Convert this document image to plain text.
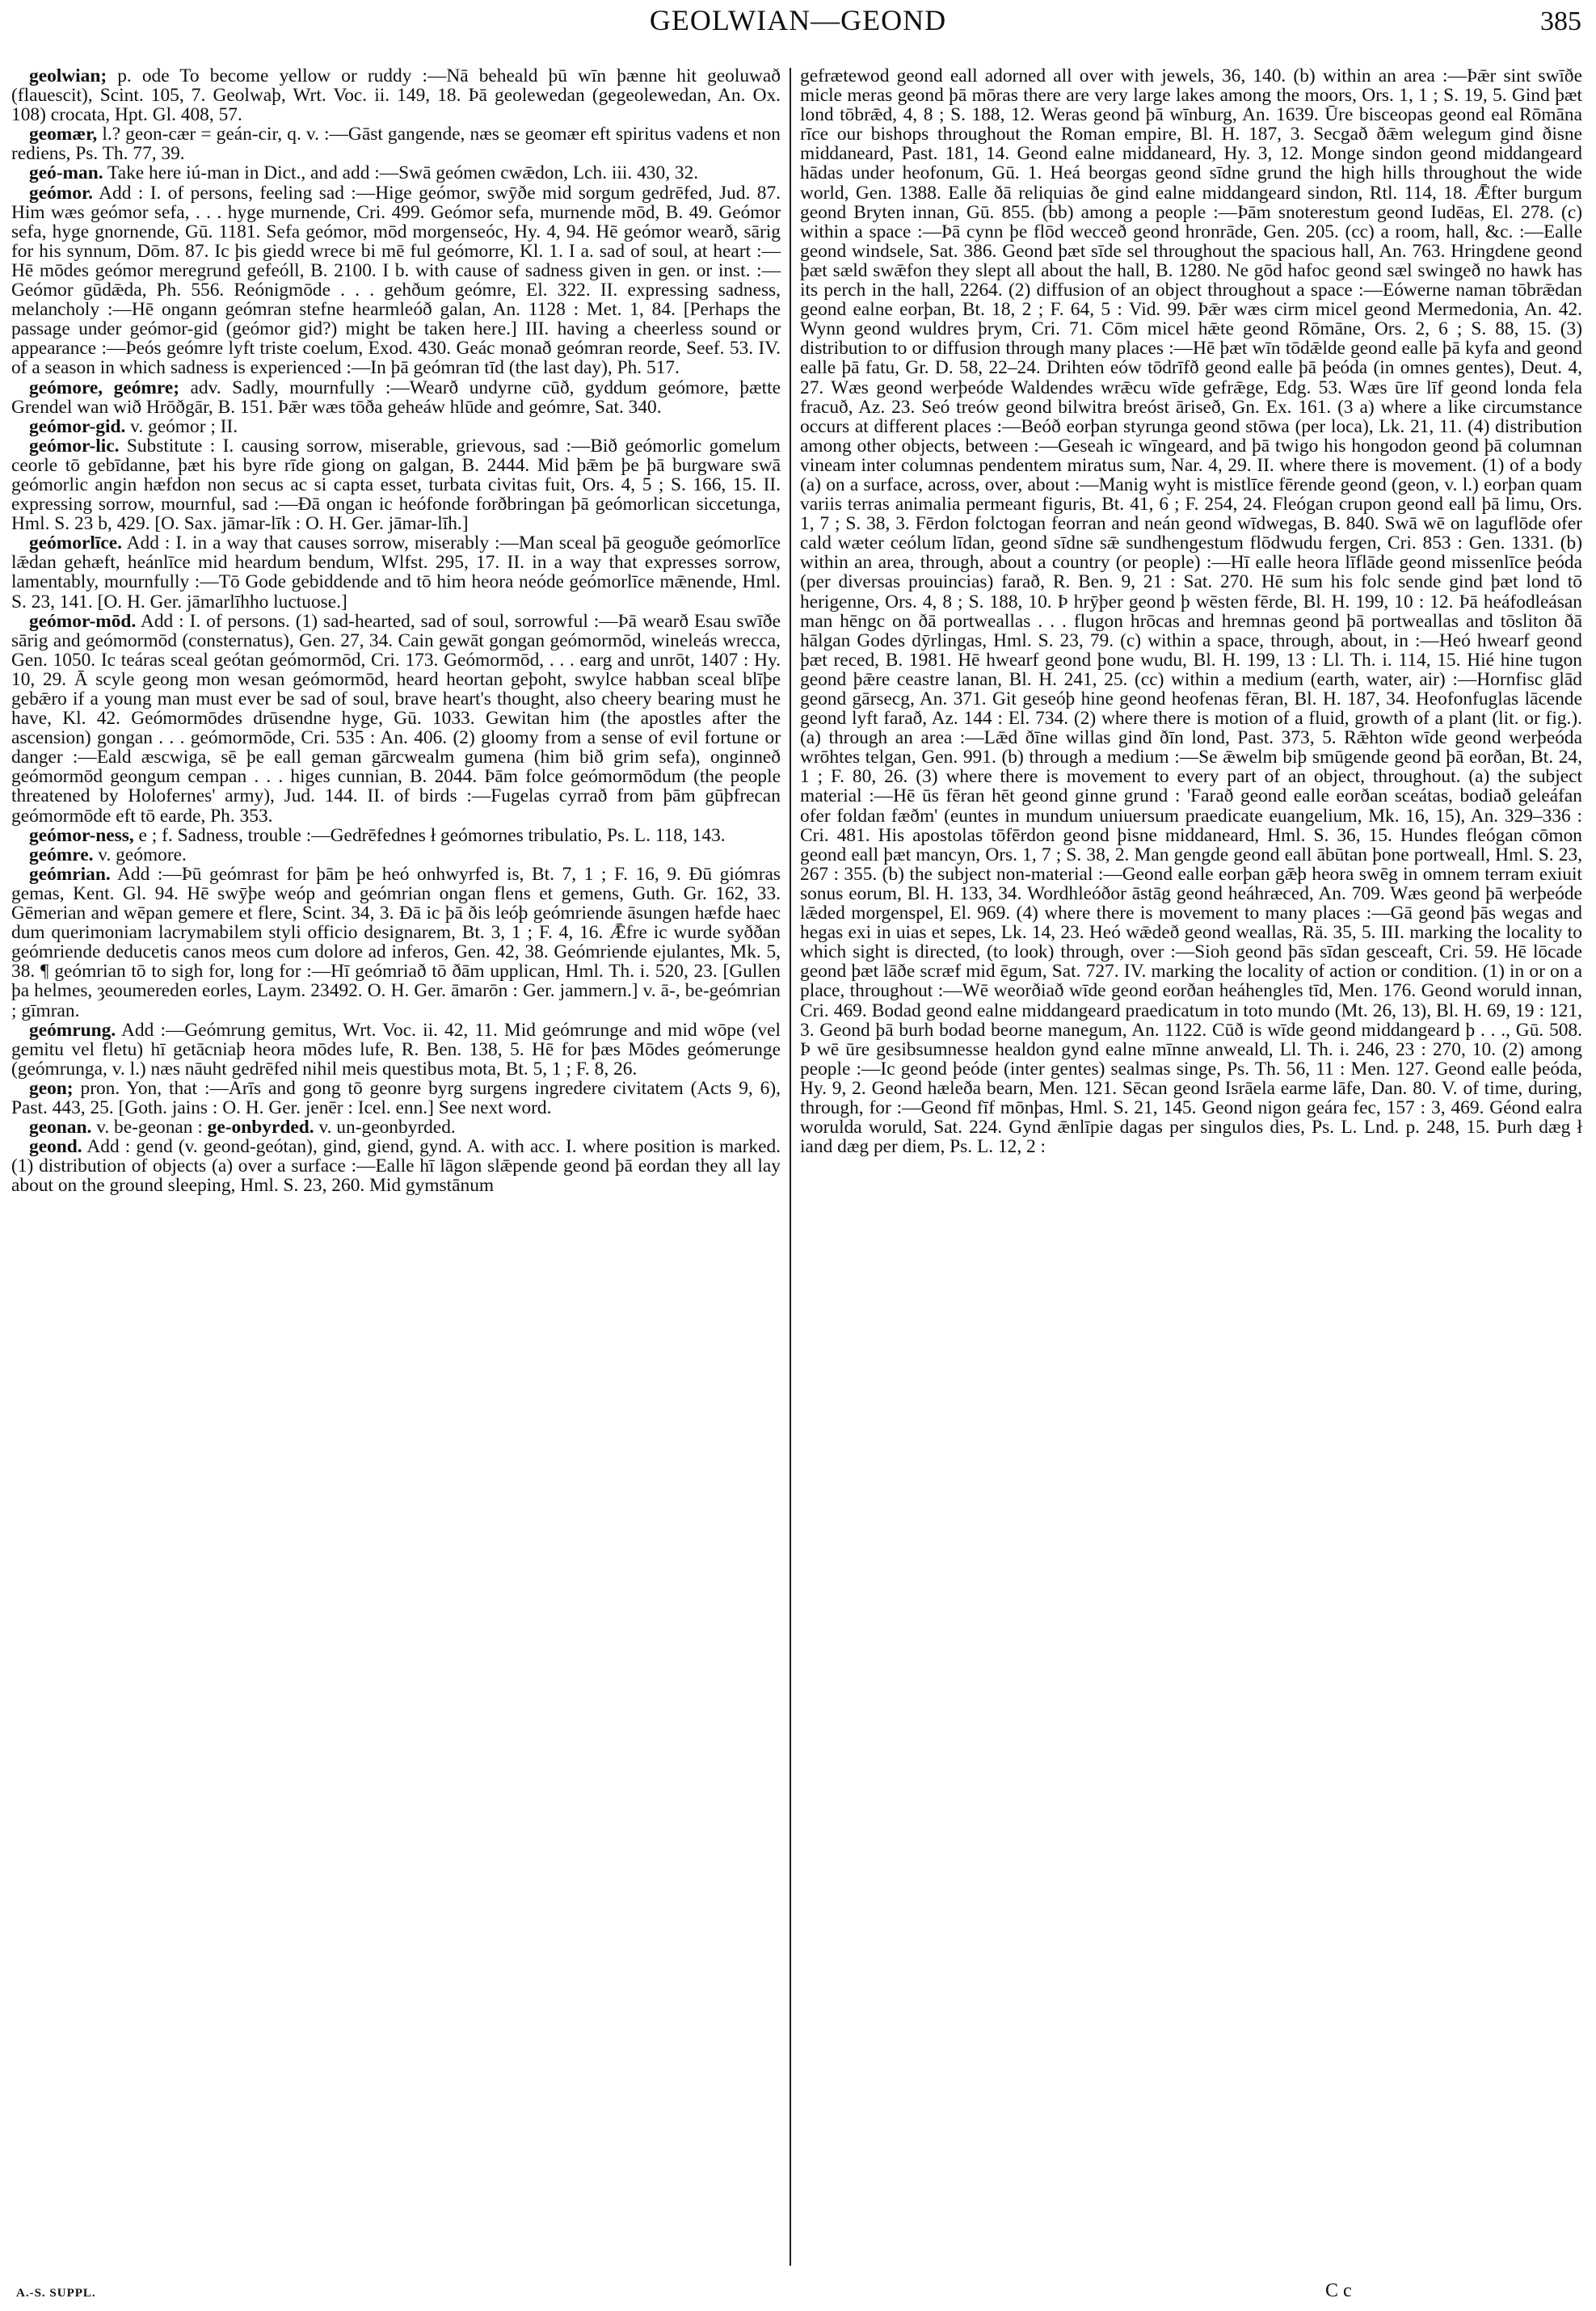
GEOLWIAN—GEOND	385

geolwian; p. ode To become yellow or ruddy :—Nā beheald þū wīn þænne hit geoluwað (flauescit), Scint. 105, 7. Geolwaþ, Wrt. Voc. ii. 149, 18. Þā geolewedan (gegeolewedan, An. Ox. 108) crocata, Hpt. Gl. 408, 57.

geomær, l.? geon-cær = geán-cir, q. v. :—Gāst gangende, næs se geomær eft spiritus vadens et non rediens, Ps. Th. 77, 39.

geó-man. Take here iú-man in Dict., and add :—Swā geómen cwǣdon, Lch. iii. 430, 32.

geómor. Add : I. of persons, feeling sad :—Hige geómor, swȳðe mid sorgum gedrēfed, Jud. 87. Him wæs geómor sefa, . . . hyge murnende, Cri. 499. Geómor sefa, murnende mōd, B. 49. Geómor sefa, hyge gnornende, Gū. 1181. Sefa geómor, mōd morgenseóc, Hy. 4, 94. Hē geómor wearð, sārig for his synnum, Dōm. 87. Ic þis giedd wrece bi mē ful geómorre, Kl. 1. I a. sad of soul, at heart :—Hē mōdes geómor meregrund gefeóll, B. 2100. I b. with cause of sadness given in gen. or inst. :—Geómor gūdǣda, Ph. 556. Reónigmōde . . . gehðum geómre, El. 322. II. expressing sadness, melancholy :—Hē ongann geómran stefne hearmleóð galan, An. 1128 : Met. 1, 84. [Perhaps the passage under geómor-gid (geómor gid?) might be taken here.] III. having a cheerless sound or appearance :—Þeós geómre lyft triste coelum, Exod. 430. Geác monað geómran reorde, Seef. 53. IV. of a season in which sadness is experienced :—In þā geómran tīd (the last day), Ph. 517.

geómore, geómre; adv. Sadly, mournfully :—Wearð undyrne cūð, gyddum geómore, þætte Grendel wan wið Hrōðgār, B. 151. Þǣr wæs tōða geheáw hlūde and geómre, Sat. 340.

geómor-gid. v. geómor ; II.

geómor-lic. Substitute : I. causing sorrow, miserable, grievous, sad :—Bið geómorlic gomelum ceorle tō gebīdanne, þæt his byre rīde giong on galgan, B. 2444. Mid þǣm þe þā burgware swā geómorlic angin hæfdon non secus ac si capta esset, turbata civitas fuit, Ors. 4, 5 ; S. 166, 15. II. expressing sorrow, mournful, sad :—Ðā ongan ic heófonde forðbringan þā geómorlican siccetunga, Hml. S. 23 b, 429. [O. Sax. jāmar-līk : O. H. Ger. jāmar-līh.]

geómorlīce. Add : I. in a way that causes sorrow, miserably :—Man sceal þā geoguðe geómorlīce lǣdan gehæft, heánlīce mid heardum bendum, Wlfst. 295, 17. II. in a way that expresses sorrow, lamentably, mournfully :—Tō Gode gebiddende and tō him heora neóde geómorlīce mǣnende, Hml. S. 23, 141. [O. H. Ger. jāmarlīhho luctuose.]

geómor-mōd. Add : I. of persons. (1) sad-hearted, sad of soul, sorrowful :—Þā wearð Esau swīðe sārig and geómormōd (consternatus), Gen. 27, 34. Cain gewāt gongan geómormōd, wineleás wrecca, Gen. 1050. Ic teáras sceal geótan geómormōd, Cri. 173. Geómormōd, . . . earg and unrōt, 1407 : Hy. 10, 29. Ā scyle geong mon wesan geómormōd, heard heortan geþoht, swylce habban sceal blīþe gebǣro if a young man must ever be sad of soul, brave heart's thought, also cheery bearing must he have, Kl. 42. Geómormōdes drūsendne hyge, Gū. 1033. Gewitan him (the apostles after the ascension) gongan . . . geómormōde, Cri. 535 : An. 406. (2) gloomy from a sense of evil fortune or danger :—Eald æscwiga, sē þe eall geman gārcwealm gumena (him bið grim sefa), onginneð geómormōd geongum cempan . . . higes cunnian, B. 2044. Þām folce geómormōdum (the people threatened by Holofernes' army), Jud. 144. II. of birds :—Fugelas cyrrað from þām gūþfrecan geómormōde eft tō earde, Ph. 353.

geómor-ness, e ; f. Sadness, trouble :—Gedrēfednes ł geómornes tribulatio, Ps. L. 118, 143.

geómre. v. geómore.

geómrian. Add :—Þū geómrast for þām þe heó onhwyrfed is, Bt. 7, 1 ; F. 16, 9. Ðū giómras gemas, Kent. Gl. 94. Hē swȳþe weóp and geómrian ongan flens et gemens, Guth. Gr. 162, 33. Gēmerian and wēpan gemere et flere, Scint. 34, 3. Ðā ic þā ðis leóþ geómriende āsungen hæfde haec dum querimoniam lacrymabilem styli officio designarem, Bt. 3, 1 ; F. 4, 16. Ǣfre ic wurde syððan geómriende deducetis canos meos cum dolore ad inferos, Gen. 42, 38. Geómriende ejulantes, Mk. 5, 38. ¶ geómrian tō to sigh for, long for :—Hī geómriað tō ðām upplican, Hml. Th. i. 520, 23. [Gullen þa helmes, ȝeoumereden eorles, Laym. 23492. O. H. Ger. āmarōn : Ger. jammern.] v. ā-, be-geómrian ; gīmran.

geómrung. Add :—Geómrung gemitus, Wrt. Voc. ii. 42, 11. Mid geómrunge and mid wōpe (vel gemitu vel fletu) hī getācniaþ heora mōdes lufe, R. Ben. 138, 5. Hē for þæs Mōdes geómerunge (geómrunga, v. l.) næs nāuht gedrēfed nihil meis questibus mota, Bt. 5, 1 ; F. 8, 26.

geon; pron. Yon, that :—Arīs and gong tō geonre byrg surgens ingredere civitatem (Acts 9, 6), Past. 443, 25. [Goth. jains : O. H. Ger. jenēr : Icel. enn.] See next word.

geonan. v. be-geonan : ge-onbyrded. v. un-geonbyrded.

geond. Add : gend (v. geond-geótan), gind, giend, gynd. A. with acc. I. where position is marked. (1) distribution of objects (a) over a surface :—Ealle hī lāgon slǣpende geond þā eordan they all lay about on the ground sleeping, Hml. S. 23, 260. Mid gymstānum

gefrætewod geond eall adorned all over with jewels, 36, 140. (b) within an area :—Þǣr sint swīðe micle meras geond þā mōras there are very large lakes among the moors, Ors. 1, 1 ; S. 19, 5. Gind þæt lond tōbrǣd, 4, 8 ; S. 188, 12. Weras geond þā wīnburg, An. 1639. Ūre bisceopas geond eal Rōmāna rīce our bishops throughout the Roman empire, Bl. H. 187, 3. Secgað ðǣm welegum gind ðisne middaneard, Past. 181, 14. Geond ealne middaneard, Hy. 3, 12. Monge sindon geond middangeard hādas under heofonum, Gū. 1. Heá beorgas geond sīdne grund the high hills throughout the wide world, Gen. 1388. Ealle ðā reliquias ðe gind ealne middangeard sindon, Rtl. 114, 18. Ǣfter burgum geond Bryten innan, Gū. 855. (bb) among a people :—Þām snoterestum geond Iudēas, El. 278. (c) within a space :—Þā cynn þe flōd wecceð geond hronrāde, Gen. 205. (cc) a room, hall, &c. :—Ealle geond windsele, Sat. 386. Geond þæt sīde sel throughout the spacious hall, An. 763. Hringdene geond þæt sæld swǣfon they slept all about the hall, B. 1280. Ne gōd hafoc geond sæl swingeð no hawk has its perch in the hall, 2264. (2) diffusion of an object throughout a space :—Eówerne naman tōbrǣdan geond ealne eorþan, Bt. 18, 2 ; F. 64, 5 : Vid. 99. Þǣr wæs cirm micel geond Mermedonia, An. 42. Wynn geond wuldres þrym, Cri. 71. Cōm micel hǣte geond Rōmāne, Ors. 2, 6 ; S. 88, 15. (3) distribution to or diffusion through many places :—Hē þæt wīn tōdǣlde geond ealle þā kyfa and geond ealle þā fatu, Gr. D. 58, 22–24. Drihten eów tōdrīfð geond ealle þā þeóda (in omnes gentes), Deut. 4, 27. Wæs geond werþeóde Waldendes wrǣcu wīde gefrǣge, Edg. 53. Wæs ūre līf geond londa fela fracuð, Az. 23. Seó treów geond bilwitra breóst āriseð, Gn. Ex. 161. (3 a) where a like circumstance occurs at different places :—Beóð eorþan styrunga geond stōwa (per loca), Lk. 21, 11. (4) distribution among other objects, between :—Geseah ic wīngeard, and þā twigo his hongodon geond þā columnan vineam inter columnas pendentem miratus sum, Nar. 4, 29. II. where there is movement. (1) of a body (a) on a surface, across, over, about :—Manig wyht is mistlīce fērende geond (geon, v. l.) eorþan quam variis terras animalia permeant figuris, Bt. 41, 6 ; F. 254, 24. Fleógan crupon geond eall þā limu, Ors. 1, 7 ; S. 38, 3. Fērdon folctogan feorran and neán geond wīdwegas, B. 840. Swā wē on laguflōde ofer cald wæter ceólum līdan, geond sīdne sǣ sundhengestum flōdwudu fergen, Cri. 853 : Gen. 1331. (b) within an area, through, about a country (or people) :—Hī ealle heora līflāde geond missenlīce þeóda (per diversas prouincias) farað, R. Ben. 9, 21 : Sat. 270. Hē sum his folc sende gind þæt lond tō herigenne, Ors. 4, 8 ; S. 188, 10. Þ hrȳþer geond þ wēsten fērde, Bl. H. 199, 10 : 12. Þā heáfodleásan man hēngc on ðā portweallas . . . flugon hrōcas and hremnas geond þā portweallas and tōsliton ðā hālgan Godes dȳrlingas, Hml. S. 23, 79. (c) within a space, through, about, in :—Heó hwearf geond þæt reced, B. 1981. Hē hwearf geond þone wudu, Bl. H. 199, 13 : Ll. Th. i. 114, 15. Hié hine tugon geond þǣre ceastre lanan, Bl. H. 241, 25. (cc) within a medium (earth, water, air) :—Hornfisc glād geond gārsecg, An. 371. Git geseóþ hine geond heofenas fēran, Bl. H. 187, 34. Heofonfuglas lācende geond lyft farað, Az. 144 : El. 734. (2) where there is motion of a fluid, growth of a plant (lit. or fig.). (a) through an area :—Lǣd ðīne willas gind ðīn lond, Past. 373, 5. Rǣhton wīde geond werþeóda wrōhtes telgan, Gen. 991. (b) through a medium :—Se ǣwelm biþ smūgende geond þā eorðan, Bt. 24, 1 ; F. 80, 26. (3) where there is movement to every part of an object, throughout. (a) the subject material :—Hē ūs fēran hēt geond ginne grund : 'Farað geond ealle eorðan sceátas, bodiað geleáfan ofer foldan fæðm' (euntes in mundum uniuersum praedicate euangelium, Mk. 16, 15), An. 329–336 : Cri. 481. His apostolas tōfērdon geond þisne middaneard, Hml. S. 36, 15. Hundes fleógan cōmon geond eall þæt mancyn, Ors. 1, 7 ; S. 38, 2. Man gengde geond eall ābūtan þone portweall, Hml. S. 23, 267 : 355. (b) the subject non-material :—Geond ealle eorþan gǣþ heora swēg in omnem terram exiuit sonus eorum, Bl. H. 133, 34. Wordhleóðor āstāg geond heáhræced, An. 709. Wæs geond þā werþeóde lǣded morgenspel, El. 969. (4) where there is movement to many places :—Gā geond þās wegas and hegas exi in uias et sepes, Lk. 14, 23. Heó wǣdeð geond weallas, Rä. 35, 5. III. marking the locality to which sight is directed, (to look) through, over :—Sioh geond þās sīdan gesceaft, Cri. 59. Hē lōcade geond þæt lāðe scræf mid ēgum, Sat. 727. IV. marking the locality of action or condition. (1) in or on a place, throughout :—Wē weorðiað wīde geond eorðan heáhengles tīd, Men. 176. Geond woruld innan, Cri. 469. Bodad geond ealne middangeard praedicatum in toto mundo (Mt. 26, 13), Bl. H. 69, 19 : 121, 3. Geond þā burh bodad beorne manegum, An. 1122. Cūð is wīde geond middangeard þ . . ., Gū. 508. Þ wē ūre gesibsumnesse healdon gynd ealne mīnne anweald, Ll. Th. i. 246, 23 : 270, 10. (2) among people :—Ic geond þeóde (inter gentes) sealmas singe, Ps. Th. 56, 11 : Men. 127. Geond ealle þeóda, Hy. 9, 2. Geond hæleða bearn, Men. 121. Sēcan geond Isrāela earme lāfe, Dan. 80. V. of time, during, through, for :—Geond fīf mōnþas, Hml. S. 21, 145. Geond nigon geára fec, 157 : 3, 469. Géond ealra worulda woruld, Sat. 224. Gynd ǣnlīpie dagas per singulos dies, Ps. L. Lnd. p. 248, 15. Þurh dæg ł iand dæg per diem, Ps. L. 12, 2 :

A.-S. SUPPL.	C c
